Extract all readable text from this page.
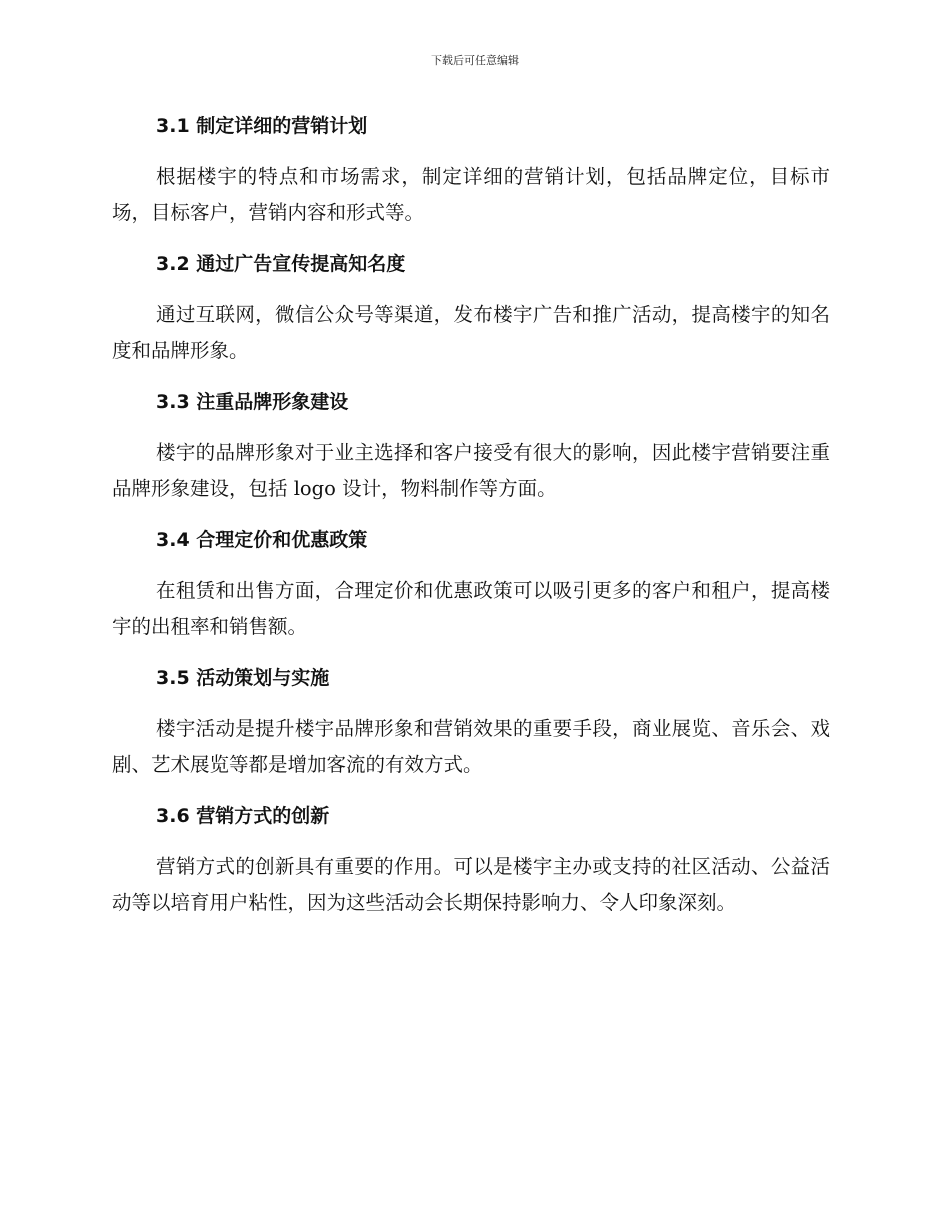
下载后可任意编辑
3.1 制定详细的营销计划

根据楼宇的特点和市场需求，制定详细的营销计划，包括品牌定位，目标市场，目标客户，营销内容和形式等。

3.2 通过广告宣传提高知名度

通过互联网，微信公众号等渠道，发布楼宇广告和推广活动，提高楼宇的知名度和品牌形象。

3.3 注重品牌形象建设

楼宇的品牌形象对于业主选择和客户接受有很大的影响，因此楼宇营销要注重品牌形象建设，包括 logo 设计，物料制作等方面。

3.4 合理定价和优惠政策

在租赁和出售方面，合理定价和优惠政策可以吸引更多的客户和租户，提高楼宇的出租率和销售额。

3.5 活动策划与实施

楼宇活动是提升楼宇品牌形象和营销效果的重要手段，商业展览、音乐会、戏剧、艺术展览等都是增加客流的有效方式。

3.6 营销方式的创新

营销方式的创新具有重要的作用。可以是楼宇主办或支持的社区活动、公益活动等以培育用户粘性，因为这些活动会长期保持影响力、令人印象深刻。
